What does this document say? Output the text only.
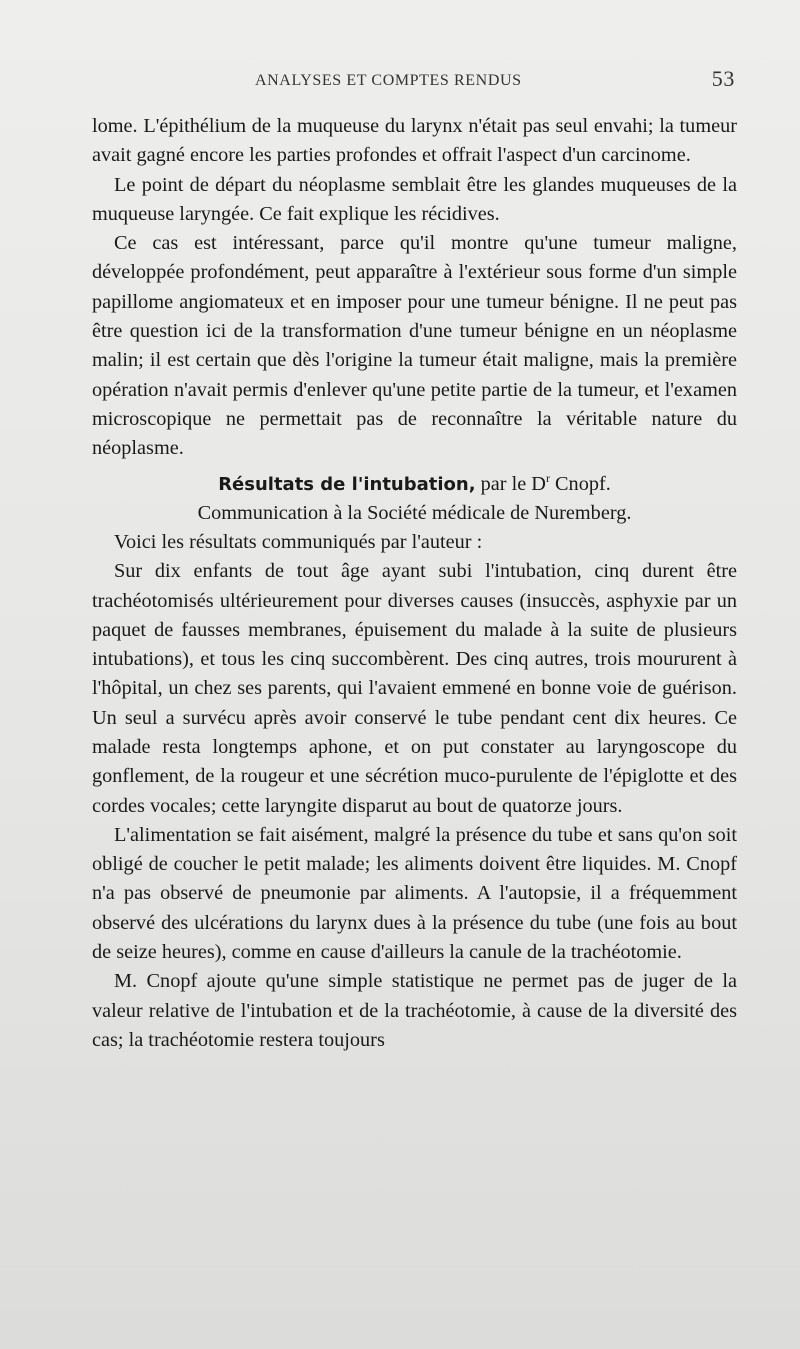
ANALYSES ET COMPTES RENDUS	53

lome. L'épithélium de la muqueuse du larynx n'était pas seul envahi; la tumeur avait gagné encore les parties profondes et offrait l'aspect d'un carcinome.

Le point de départ du néoplasme semblait être les glandes muqueuses de la muqueuse laryngée. Ce fait explique les récidives.

Ce cas est intéressant, parce qu'il montre qu'une tumeur maligne, développée profondément, peut apparaître à l'extérieur sous forme d'un simple papillome angiomateux et en imposer pour une tumeur bénigne. Il ne peut pas être question ici de la transformation d'une tumeur bénigne en un néoplasme malin; il est certain que dès l'origine la tumeur était maligne, mais la première opération n'avait permis d'enlever qu'une petite partie de la tumeur, et l'examen microscopique ne permettait pas de reconnaître la véritable nature du néoplasme.

Résultats de l'intubation, par le $D^r$ Cnopf.

Communication à la Société médicale de Nuremberg.

Voici les résultats communiqués par l'auteur :

Sur dix enfants de tout âge ayant subi l'intubation, cinq durent être trachéotomisés ultérieurement pour diverses causes (insuccès, asphyxie par un paquet de fausses membranes, épuisement du malade à la suite de plusieurs intubations), et tous les cinq succombèrent. Des cinq autres, trois moururent à l'hôpital, un chez ses parents, qui l'avaient emmené en bonne voie de guérison. Un seul a survécu après avoir conservé le tube pendant cent dix heures. Ce malade resta longtemps aphone, et on put constater au laryngoscope du gonflement, de la rougeur et une sécrétion muco-purulente de l'épiglotte et des cordes vocales; cette laryngite disparut au bout de quatorze jours.

L'alimentation se fait aisément, malgré la présence du tube et sans qu'on soit obligé de coucher le petit malade; les aliments doivent être liquides. M. Cnopf n'a pas observé de pneumonie par aliments. A l'autopsie, il a fréquemment observé des ulcérations du larynx dues à la présence du tube (une fois au bout de seize heures), comme en cause d'ailleurs la canule de la trachéotomie.

M. Cnopf ajoute qu'une simple statistique ne permet pas de juger de la valeur relative de l'intubation et de la trachéotomie, à cause de la diversité des cas; la trachéotomie restera toujours
